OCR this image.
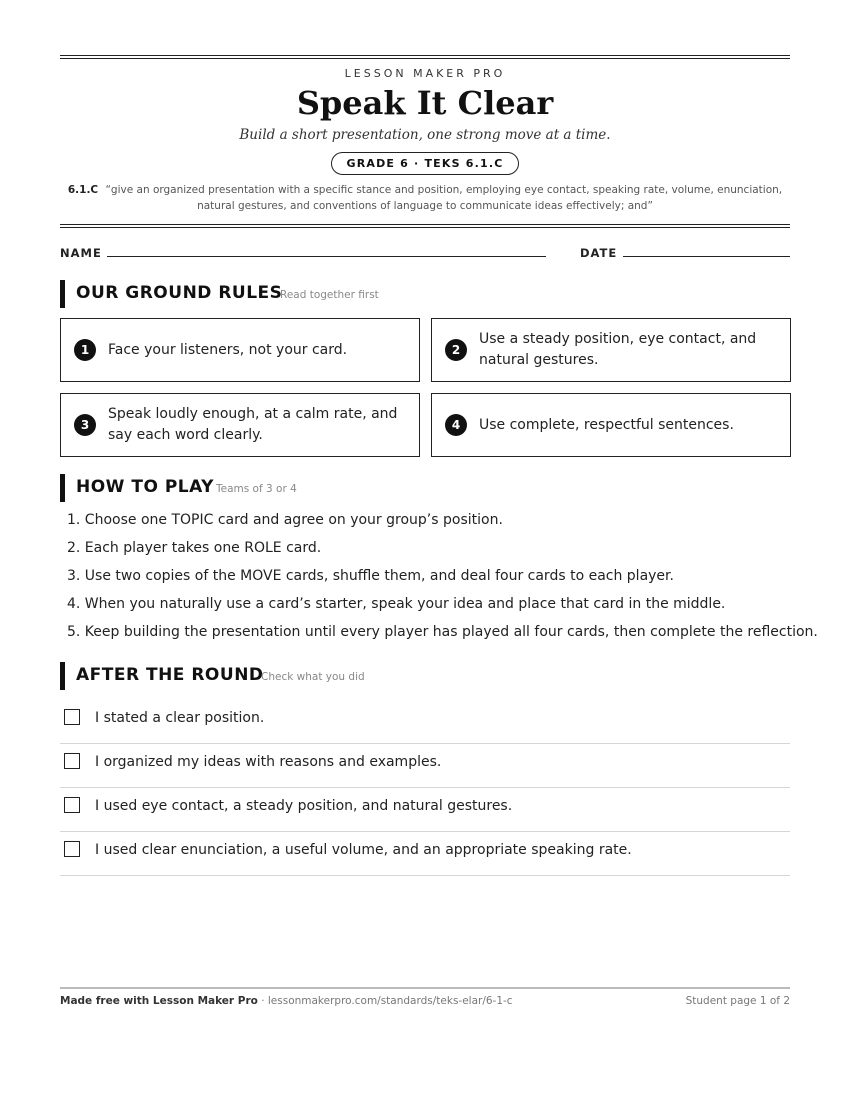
LESSON MAKER PRO
Speak It Clear
Build a short presentation, one strong move at a time.
GRADE 6 · TEKS 6.1.C
6.1.C “give an organized presentation with a specific stance and position, employing eye contact, speaking rate, volume, enunciation, natural gestures, and conventions of language to communicate ideas effectively; and”
NAME	DATE
OUR GROUND RULES
Read together first
1	Face your listeners, not your card.	2
Use a steady position, eye contact, and natural gestures.
3
Speak loudly enough, at a calm rate, and say each word clearly.
4	Use complete, respectful sentences.
HOW TO PLAY Teams of 3 or 4
1. Choose one TOPIC card and agree on your group’s position.
2. Each player takes one ROLE card.
3. Use two copies of the MOVE cards, shuffle them, and deal four cards to each player.
4. When you naturally use a card’s starter, speak your idea and place that card in the middle.
5. Keep building the presentation until every player has played all four cards, then complete the reflection.
AFTER THE ROUND
Check what you did
I stated a clear position.
I organized my ideas with reasons and examples.
I used eye contact, a steady position, and natural gestures.
I used clear enunciation, a useful volume, and an appropriate speaking rate.
Made free with Lesson Maker Pro · lessonmakerpro.com/standards/teks-elar/6-1-c	Student page 1 of 2
